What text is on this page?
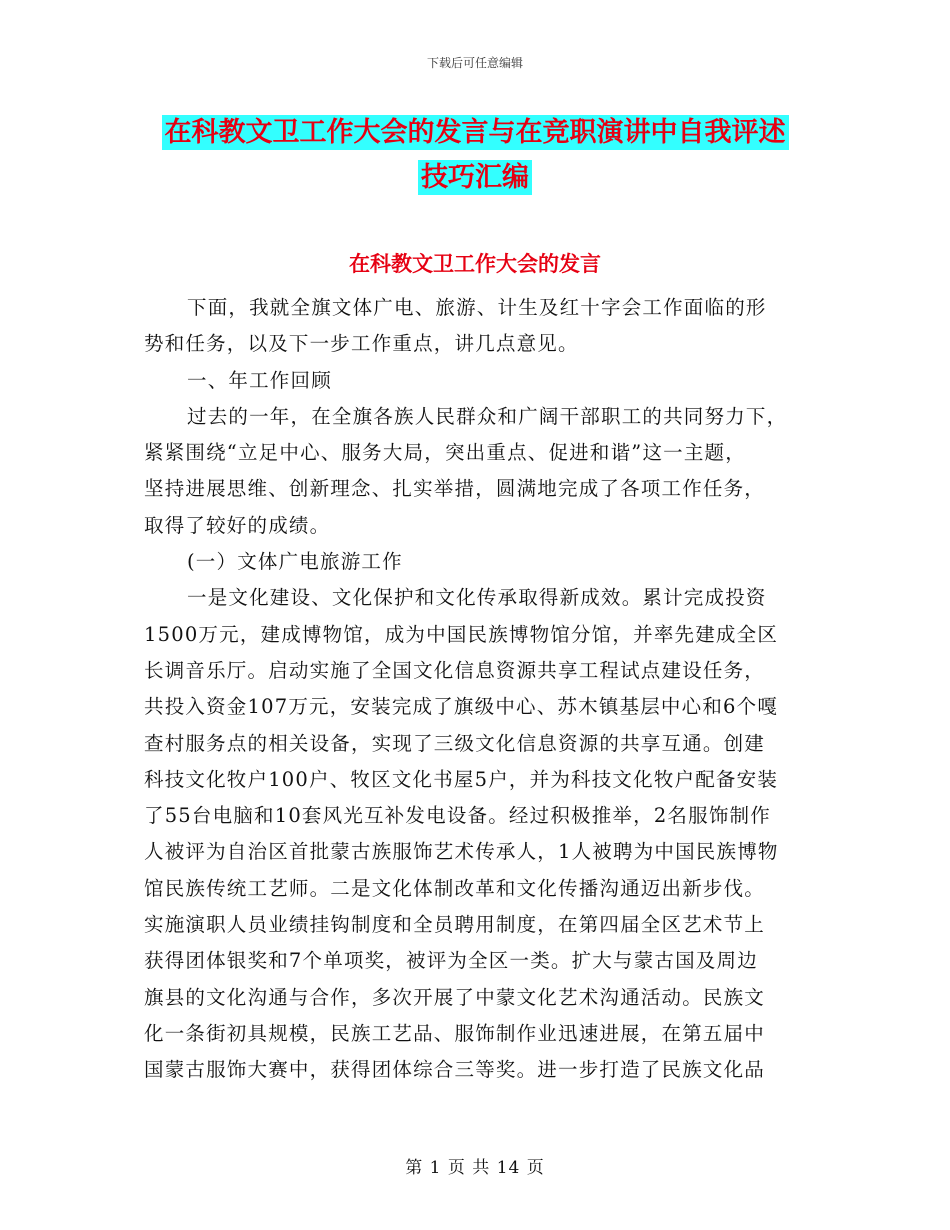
下载后可任意编辑
在科教文卫工作大会的发言与在竞职演讲中自我评述
技巧汇编
在科教文卫工作大会的发言
下面，我就全旗文体广电、旅游、计生及红十字会工作面临的形
势和任务，以及下一步工作重点，讲几点意见。
一、年工作回顾
过去的一年，在全旗各族人民群众和广阔干部职工的共同努力下，
紧紧围绕“立足中心、服务大局，突出重点、促进和谐”这一主题，
坚持进展思维、创新理念、扎实举措，圆满地完成了各项工作任务，
取得了较好的成绩。
(一）文体广电旅游工作
一是文化建设、文化保护和文化传承取得新成效。累计完成投资
1500万元，建成博物馆，成为中国民族博物馆分馆，并率先建成全区
长调音乐厅。启动实施了全国文化信息资源共享工程试点建设任务，
共投入资金107万元，安装完成了旗级中心、苏木镇基层中心和6个嘎
查村服务点的相关设备，实现了三级文化信息资源的共享互通。创建
科技文化牧户100户、牧区文化书屋5户，并为科技文化牧户配备安装
了55台电脑和10套风光互补发电设备。经过积极推举，2名服饰制作
人被评为自治区首批蒙古族服饰艺术传承人，1人被聘为中国民族博物
馆民族传统工艺师。二是文化体制改革和文化传播沟通迈出新步伐。
实施演职人员业绩挂钩制度和全员聘用制度，在第四届全区艺术节上
获得团体银奖和7个单项奖，被评为全区一类。扩大与蒙古国及周边
旗县的文化沟通与合作，多次开展了中蒙文化艺术沟通活动。民族文
化一条街初具规模，民族工艺品、服饰制作业迅速进展，在第五届中
国蒙古服饰大赛中，获得团体综合三等奖。进一步打造了民族文化品
第 1 页 共 14 页
